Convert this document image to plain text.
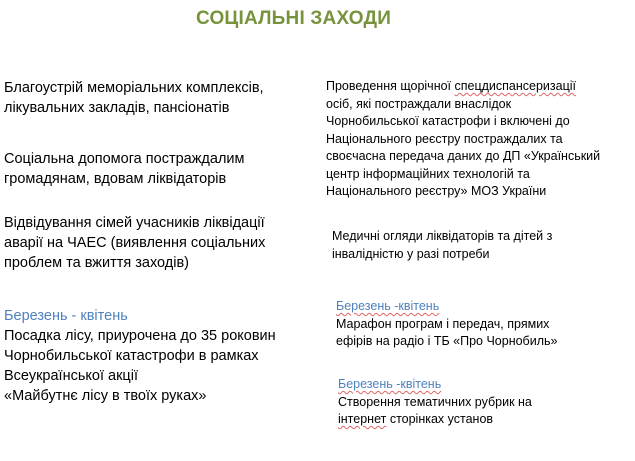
СОЦІАЛЬНІ ЗАХОДИ
Благоустрій меморіальних комплексів,
лікувальних закладів, пансіонатів
Соціальна допомога постраждалим
громадянам, вдовам ліквідаторів
Відвідування сімей учасників ліквідації
аварії на ЧАЕС (виявлення соціальних
проблем та вжиття заходів)
Березень - квітень
Посадка лісу, приурочена до 35 роковин
Чорнобильської катастрофи в рамках
Всеукраїнської акції
«Майбутнє лісу в твоїх руках»
Проведення щорічної спецдиспансеризації
осіб, які постраждали внаслідок
Чорнобильської катастрофи і включені до
Національного реєстру постраждалих та
своєчасна передача даних до ДП «Український
центр інформаційних технологій та
Національного реєстру» МОЗ України
Медичні огляди ліквідаторів та дітей з
інвалідністю у разі потреби
Березень -квітень
Марафон програм і передач, прямих
ефірів на радіо і ТБ «Про Чорнобиль»
Березень -квітень
Створення тематичних рубрик на
інтернет сторінках установ
